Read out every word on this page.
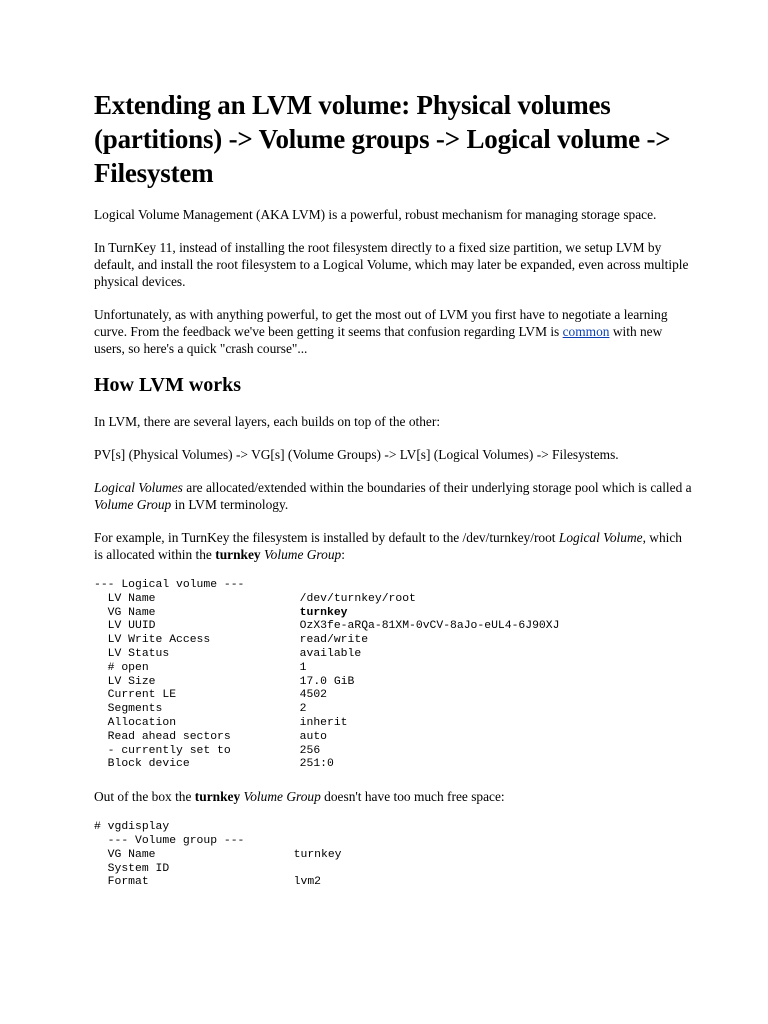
Extending an LVM volume: Physical volumes (partitions) -> Volume groups -> Logical volume -> Filesystem

Logical Volume Management (AKA LVM) is a powerful, robust mechanism for managing storage space.

In TurnKey 11, instead of installing the root filesystem directly to a fixed size partition, we setup LVM by default, and install the root filesystem to a Logical Volume, which may later be expanded, even across multiple physical devices.

Unfortunately, as with anything powerful, to get the most out of LVM you first have to negotiate a learning curve. From the feedback we've been getting it seems that confusion regarding LVM is common with new users, so here's a quick "crash course"...

How LVM works

In LVM, there are several layers, each builds on top of the other:

PV[s] (Physical Volumes) -> VG[s] (Volume Groups) -> LV[s] (Logical Volumes) -> Filesystems.

Logical Volumes are allocated/extended within the boundaries of their underlying storage pool which is called a Volume Group in LVM terminology.

For example, in TurnKey the filesystem is installed by default to the /dev/turnkey/root Logical Volume, which is allocated within the turnkey Volume Group:

--- Logical volume ---

LV Name	/dev/turnkey/root

VG Name	turnkey

LV UUID	OzX3fe-aRQa-81XM-0vCV-8aJo-eUL4-6J90XJ

LV Write Access	read/write

LV Status	available

# open	1

LV Size	17.0 GiB

Current LE	4502

Segments	2

Allocation	inherit

Read ahead sectors	auto

- currently set to	256

Block device	251:0

Out of the box the turnkey Volume Group doesn't have too much free space:

# vgdisplay
--- Volume group ---

VG Name	turnkey

System ID

Format	lvm2
